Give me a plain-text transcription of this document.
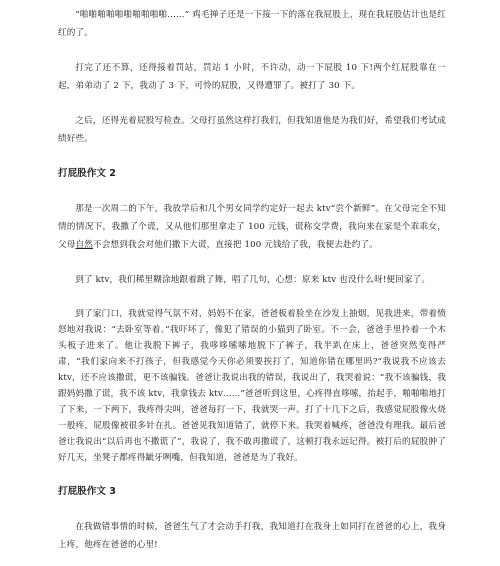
“啪啪啪啪啪啪啪啪啪啪……” 鸡毛掸子还是一下接一下的落在我屁股上，现在我屁股估计也是红红的了。

打完了还不算，还得接着罚站，罚站 1 小时，不许动，动一下屁股 10 下!两个红屁股靠在一起，弟弟动了 2 下，我动了 3 下，可怜的屁股，又得遭罪了。被打了 30 下。

之后，还得光着屁股写检查。父母打虽然这样打我们，但我知道他是为我们好，希望我们考试成绩好些。

打屁股作文 2

那是一次周二的下午，我放学后和几个男女同学约定好一起去 ktv“尝个新鲜”。在父母完全不知情的情况下，我撒了个谎，又从他们那里拿走了 100 元钱，谎称交学费，我向来在家是个乖乖女，父母自然不会想到我会对他们撒下大谎，直接把 100 元钱给了我，我便去赴约了。

到了 ktv，我们稀里糊涂地跟着跳了舞，唱了几句，心想：原来 ktv 也没什么呀!便回家了。

到了家门口，我就觉得气氛不对，妈妈不在家，爸爸板着脸坐在沙发上抽烟，见我进来，带着愤怒地对我说：“去卧室等着。”我吓坏了，像犯了错误的小猫到了卧室。不一会，爸爸手里拎着一个木头板子进来了。他让我脱下裤子，我哆哆嗦嗦地脱下了裤子，我半趴在床上，爸爸突然变得严肃，“我们家向来不打孩子，但我感觉今天你必须要挨打了，知道你错在哪里吗?”我说我不应该去 ktv，还不应该撒谎，更不该骗钱。爸爸让我说出我的错误，我说出了，我哭着说：“我不该骗钱，我跟妈妈撒了谎，我不该 ktv，我拿钱去 ktv……”爸爸听到这里，心疼得直哆嗦，抬起手，啪啪啪地打了下来，一下两下，我疼得尖叫，爸爸每打一下，我就哭一声。打了十几下之后，我感觉屁股像火烧一般疼，屁股像被很多针在扎。爸爸见我知道错了，就停下来。我哭着喊疼，爸爸没有理我。最后爸爸让我说出“以后再也不撒谎了”，我说了，我不敢再撒谎了，这顿打我永远记得。被打后的屁股肿了好几天，坐凳子都疼得龇牙咧嘴，但我知道，爸爸是为了我好。

打屁股作文 3

在我做错事情的时候，爸爸生气了才会动手打我，我知道打在我身上如同打在爸爸的心上，我身上疼，他疼在爸爸的心里!
